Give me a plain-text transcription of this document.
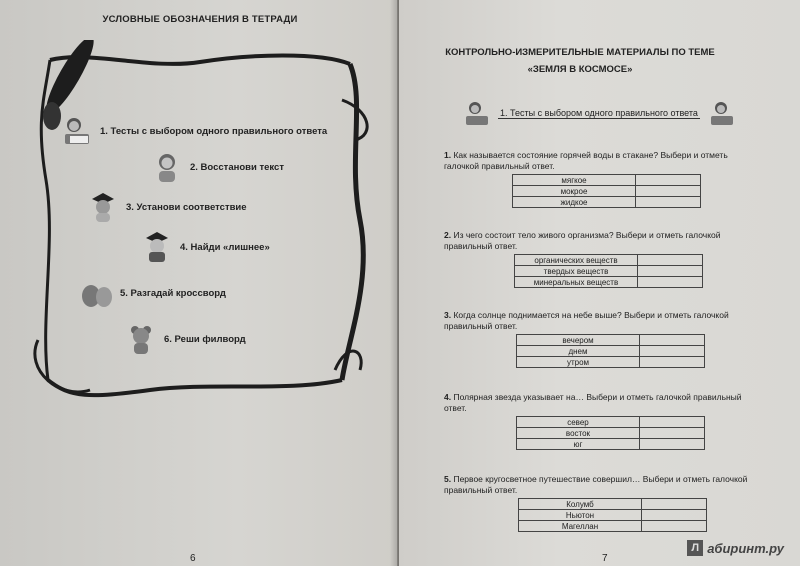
УСЛОВНЫЕ ОБОЗНАЧЕНИЯ В ТЕТРАДИ
1. Тесты с выбором одного правильного ответа
2. Восстанови текст
3. Установи соответствие
4. Найди «лишнее»
5. Разгадай кроссворд
6. Реши филворд
6
КОНТРОЛЬНО-ИЗМЕРИТЕЛЬНЫЕ МАТЕРИАЛЫ ПО ТЕМЕ
«ЗЕМЛЯ В КОСМОСЕ»
1. Тесты с выбором одного правильного ответа
1. Как называется состояние горячей воды в стакане? Выбери и отметь галочкой правильный ответ.
мягкое	
мокрое	
жидкое	
2. Из чего состоит тело живого организма? Выбери и отметь галочкой правильный ответ.
органических веществ	
твердых веществ	
минеральных веществ	
3. Когда солнце поднимается на небе выше? Выбери и отметь галочкой правильный ответ.
вечером	
днем	
утром	
4. Полярная звезда указывает на… Выбери и отметь галочкой правильный ответ.
север	
восток	
юг	
5. Первое кругосветное путешествие совершил… Выбери и отметь галочкой правильный ответ.
Колумб	
Ньютон	
Магеллан	
7
Л абиринт.ру
